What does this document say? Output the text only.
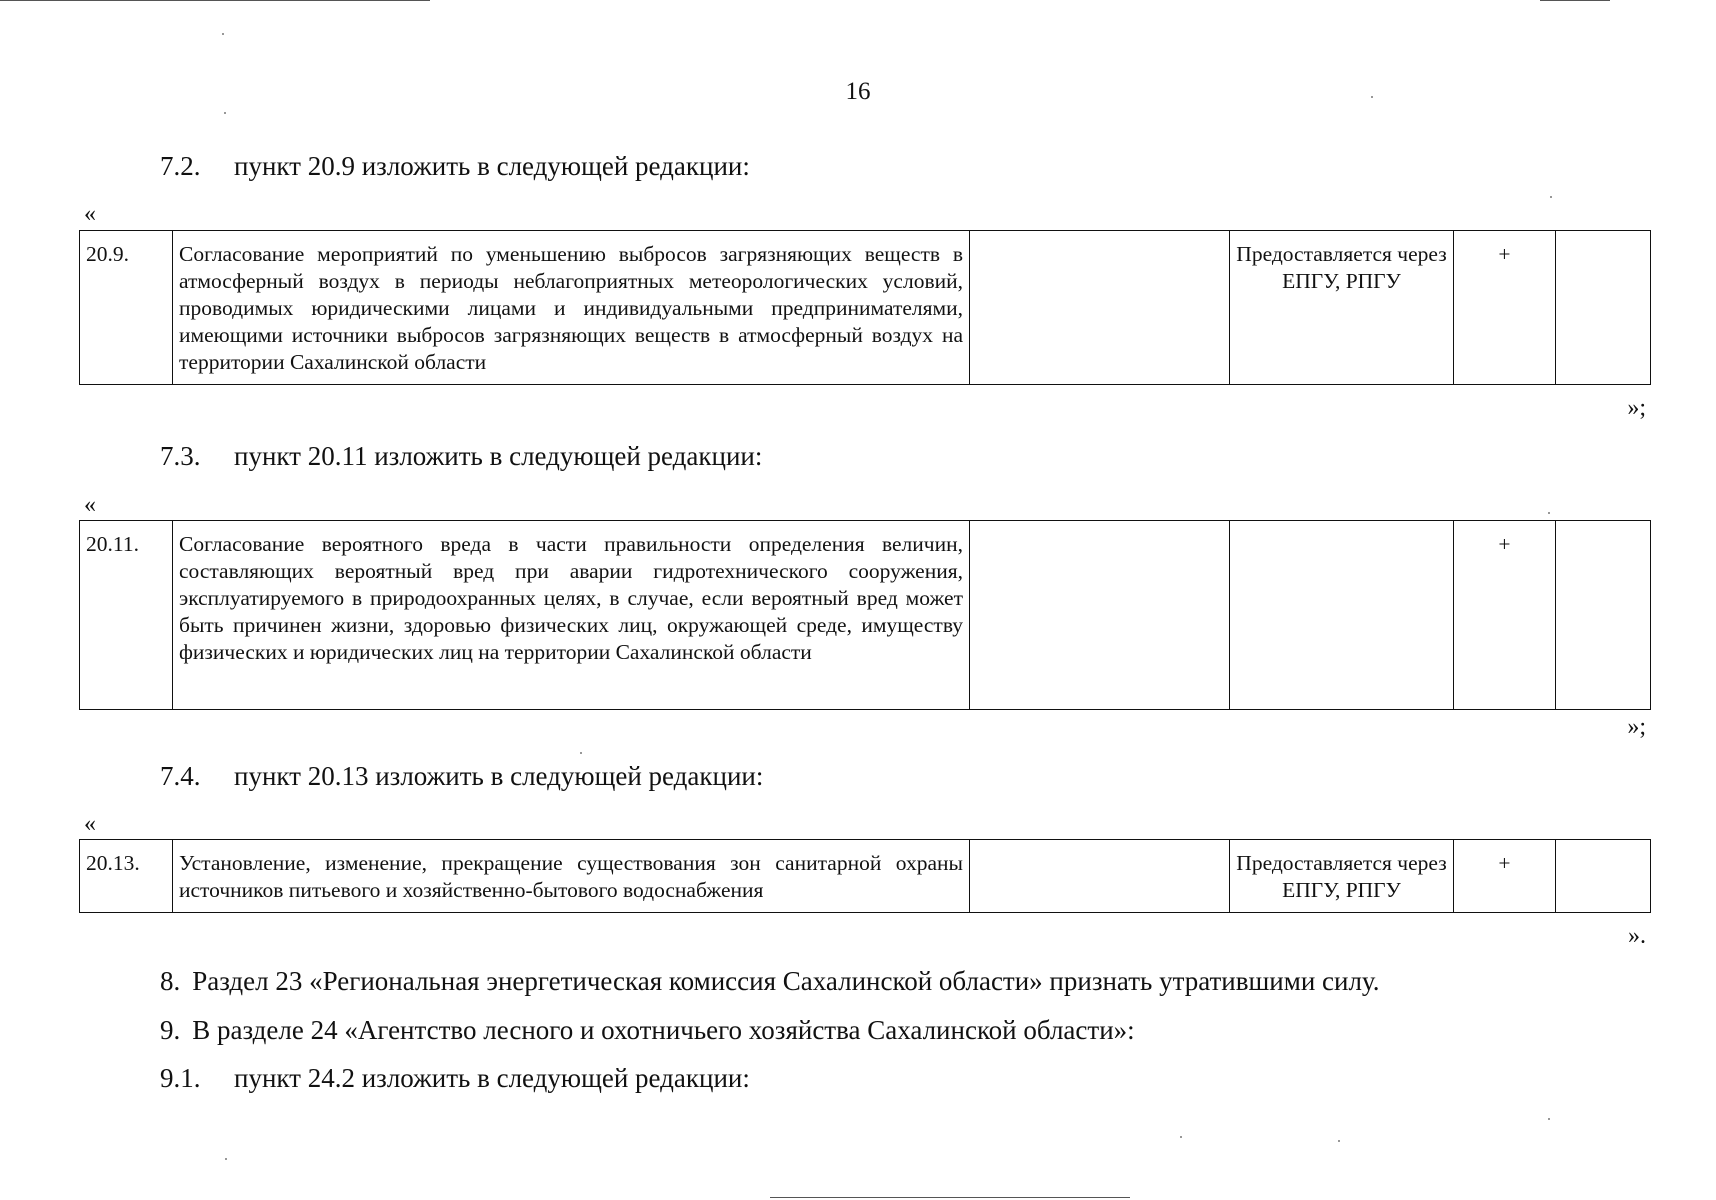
16
7.2. пункт 20.9 изложить в следующей редакции:
«
20.9.	Согласование мероприятий по уменьшению выбросов загрязняющих веществ в атмосферный воздух в периоды неблагоприятных метеорологических условий, проводимых юридическими лицами и индивидуальными предпринимателями, имеющими источники выбросов загрязняющих веществ в атмосферный воздух на территории Сахалинской области		Предоставляется через ЕПГУ, РПГУ	+	
»;
7.3. пункт 20.11 изложить в следующей редакции:
«
20.11.	Согласование вероятного вреда в части правильности определения величин, составляющих вероятный вред при аварии гидротехнического сооружения, эксплуатируемого в природоохранных целях, в случае, если вероятный вред может быть причинен жизни, здоровью физических лиц, окружающей среде, имуществу физических и юридических лиц на территории Сахалинской области			+	
»;
7.4. пункт 20.13 изложить в следующей редакции:
«
20.13.	Установление, изменение, прекращение существования зон санитарной охраны источников питьевого и хозяйственно-бытового водоснабжения		Предоставляется через ЕПГУ, РПГУ	+	
».
8. Раздел 23 «Региональная энергетическая комиссия Сахалинской области» признать утратившими силу.
9. В разделе 24 «Агентство лесного и охотничьего хозяйства Сахалинской области»:
9.1. пункт 24.2 изложить в следующей редакции:
